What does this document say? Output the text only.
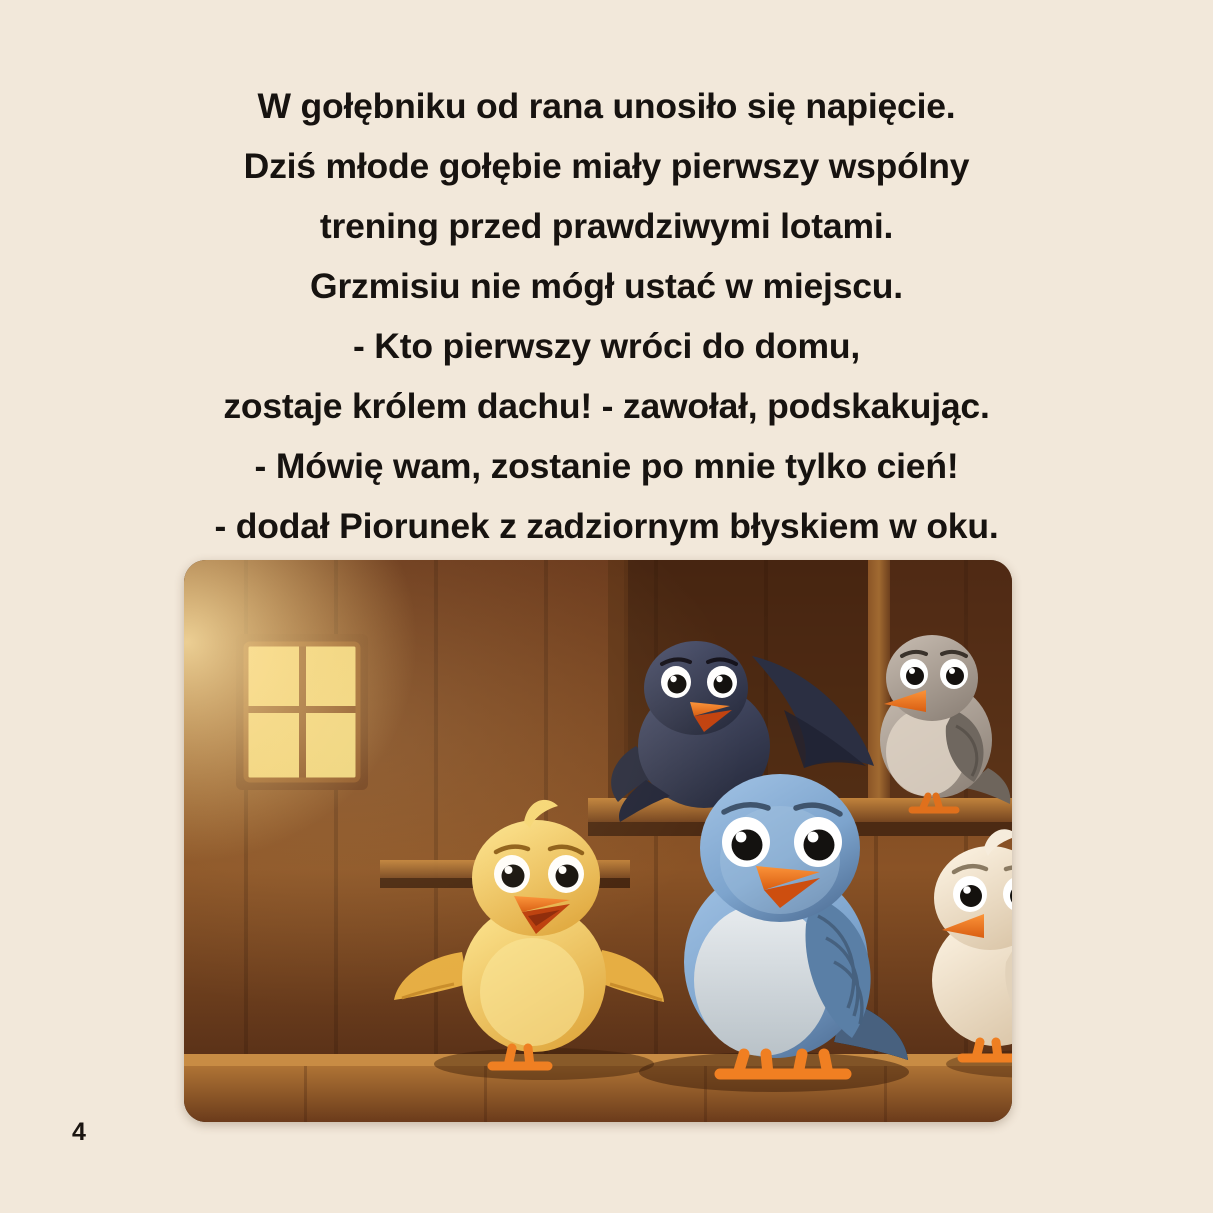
W gołębniku od rana unosiło się napięcie.
Dziś młode gołębie miały pierwszy wspólny
trening przed prawdziwymi lotami.
Grzmisiu nie mógł ustać w miejscu.
- Kto pierwszy wróci do domu,
zostaje królem dachu! - zawołał, podskakując.
- Mówię wam, zostanie po mnie tylko cień!
- dodał Piorunek z zadziornym błyskiem w oku.
4
